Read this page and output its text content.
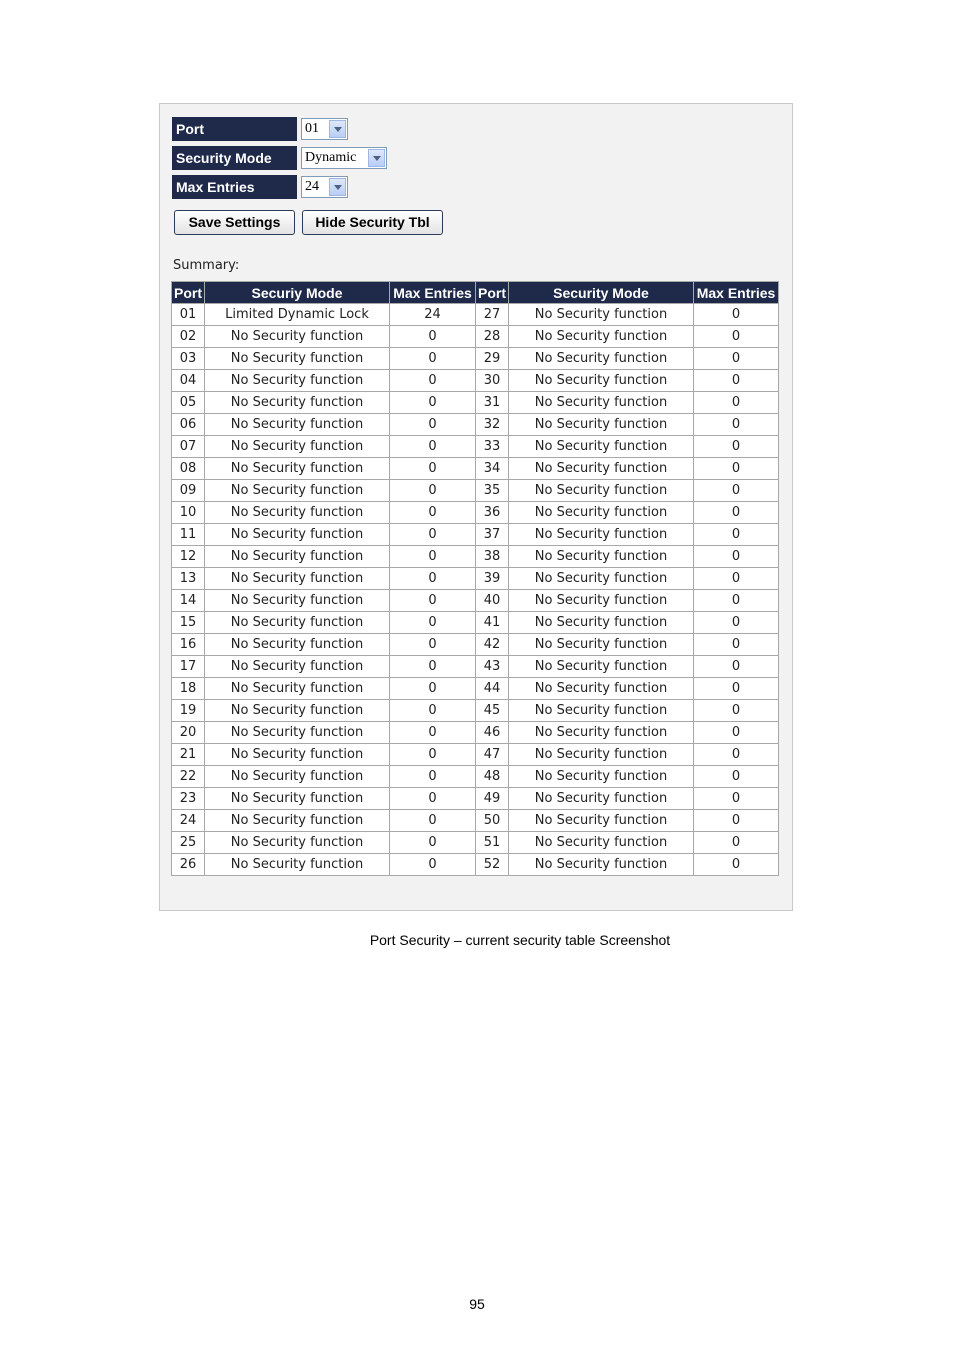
Port	01
Security Mode	Dynamic
Max Entries	24
Save Settings	Hide Security Tbl
Summary:
Port	Securiy Mode	Max Entries	Port	Security Mode	Max Entries
01	Limited Dynamic Lock	24	27	No Security function	0
02	No Security function	0	28	No Security function	0
03	No Security function	0	29	No Security function	0
04	No Security function	0	30	No Security function	0
05	No Security function	0	31	No Security function	0
06	No Security function	0	32	No Security function	0
07	No Security function	0	33	No Security function	0
08	No Security function	0	34	No Security function	0
09	No Security function	0	35	No Security function	0
10	No Security function	0	36	No Security function	0
11	No Security function	0	37	No Security function	0
12	No Security function	0	38	No Security function	0
13	No Security function	0	39	No Security function	0
14	No Security function	0	40	No Security function	0
15	No Security function	0	41	No Security function	0
16	No Security function	0	42	No Security function	0
17	No Security function	0	43	No Security function	0
18	No Security function	0	44	No Security function	0
19	No Security function	0	45	No Security function	0
20	No Security function	0	46	No Security function	0
21	No Security function	0	47	No Security function	0
22	No Security function	0	48	No Security function	0
23	No Security function	0	49	No Security function	0
24	No Security function	0	50	No Security function	0
25	No Security function	0	51	No Security function	0
26	No Security function	0	52	No Security function	0
Port Security – current security table Screenshot
95
